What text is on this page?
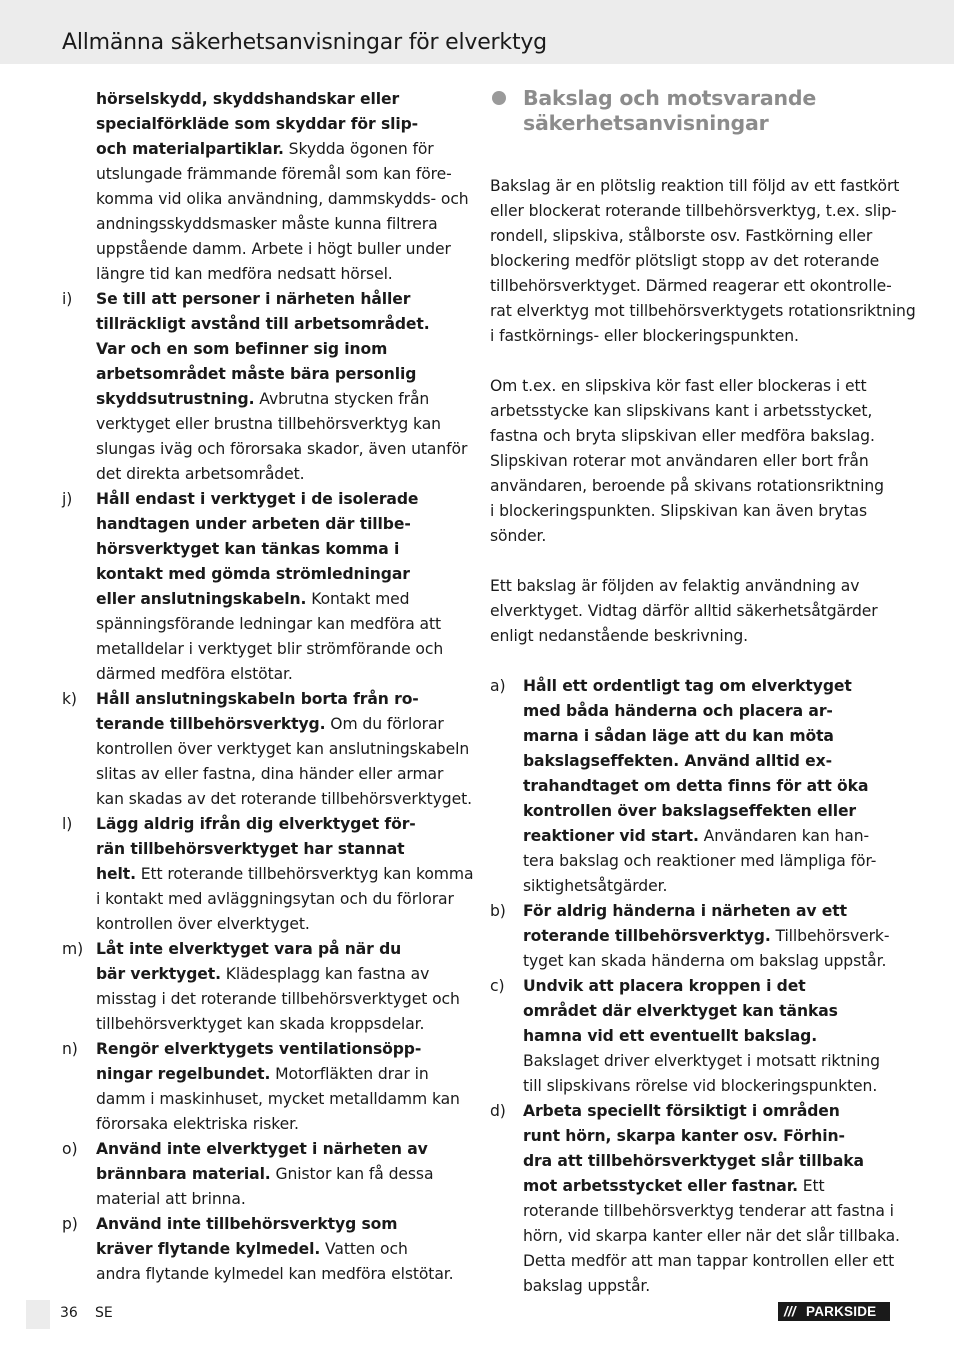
Allmänna säkerhetsanvisningar för elverktyg
hörselskydd, skyddshandskar eller
specialförkläde som skyddar för slip-
och materialpartiklar. Skydda ögonen för
utslungade främmande föremål som kan före-
komma vid olika användning, dammskydds- och
andningsskyddsmasker måste kunna filtrera
uppstående damm. Arbete i högt buller under
längre tid kan medföra nedsatt hörsel.
i) Se till att personer i närheten håller
tillräckligt avstånd till arbetsområdet.
Var och en som befinner sig inom
arbetsområdet måste bära personlig
skyddsutrustning. Avbrutna stycken från
verktyget eller brustna tillbehörsverktyg kan
slungas iväg och förorsaka skador, även utanför
det direkta arbetsområdet.
j) Håll endast i verktyget i de isolerade
handtagen under arbeten där tillbe-
hörsverktyget kan tänkas komma i
kontakt med gömda strömledningar
eller anslutningskabeln. Kontakt med
spänningsförande ledningar kan medföra att
metalldelar i verktyget blir strömförande och
därmed medföra elstötar.
k) Håll anslutningskabeln borta från ro-
terande tillbehörsverktyg. Om du förlorar
kontrollen över verktyget kan anslutningskabeln
slitas av eller fastna, dina händer eller armar
kan skadas av det roterande tillbehörsverktyget.
l) Lägg aldrig ifrån dig elverktyget för-
rän tillbehörsverktyget har stannat
helt. Ett roterande tillbehörsverktyg kan komma
i kontakt med avläggningsytan och du förlorar
kontrollen över elverktyget.
m) Låt inte elverktyget vara på när du
bär verktyget. Klädesplagg kan fastna av
misstag i det roterande tillbehörsverktyget och
tillbehörsverktyget kan skada kroppsdelar.
n) Rengör elverktygets ventilationsöpp-
ningar regelbundet. Motorfläkten drar in
damm i maskinhuset, mycket metalldamm kan
förorsaka elektriska risker.
o) Använd inte elverktyget i närheten av
brännbara material. Gnistor kan få dessa
material att brinna.
p) Använd inte tillbehörsverktyg som
kräver flytande kylmedel. Vatten och
andra flytande kylmedel kan medföra elstötar.
Bakslag och motsvarande
säkerhetsanvisningar
Bakslag är en plötslig reaktion till följd av ett fastkört
eller blockerat roterande tillbehörsverktyg, t.ex. slip-
rondell, slipskiva, stålborste osv. Fastkörning eller
blockering medför plötsligt stopp av det roterande
tillbehörsverktyget. Därmed reagerar ett okontrolle-
rat elverktyg mot tillbehörsverktygets rotationsriktning
i fastkörnings- eller blockeringspunkten.
Om t.ex. en slipskiva kör fast eller blockeras i ett
arbetsstycke kan slipskivans kant i arbetsstycket,
fastna och bryta slipskivan eller medföra bakslag.
Slipskivan roterar mot användaren eller bort från
användaren, beroende på skivans rotationsriktning
i blockeringspunkten. Slipskivan kan även brytas
sönder.
Ett bakslag är följden av felaktig användning av
elverktyget. Vidtag därför alltid säkerhetsåtgärder
enligt nedanstående beskrivning.
a) Håll ett ordentligt tag om elverktyget
med båda händerna och placera ar-
marna i sådan läge att du kan möta
bakslagseffekten. Använd alltid ex-
trahandtaget om detta finns för att öka
kontrollen över bakslagseffekten eller
reaktioner vid start. Användaren kan han-
tera bakslag och reaktioner med lämpliga för-
siktighetsåtgärder.
b) För aldrig händerna i närheten av ett
roterande tillbehörsverktyg. Tillbehörsverk-
tyget kan skada händerna om bakslag uppstår.
c) Undvik att placera kroppen i det
området där elverktyget kan tänkas
hamna vid ett eventuellt bakslag.
Bakslaget driver elverktyget i motsatt riktning
till slipskivans rörelse vid blockeringspunkten.
d) Arbeta speciellt försiktigt i områden
runt hörn, skarpa kanter osv. Förhin-
dra att tillbehörsverktyget slår tillbaka
mot arbetsstycket eller fastnar. Ett
roterande tillbehörsverktyg tenderar att fastna i
hörn, vid skarpa kanter eller när det slår tillbaka.
Detta medför att man tappar kontrollen eller ett
bakslag uppstår.
36 SE	/// PARKSIDE
